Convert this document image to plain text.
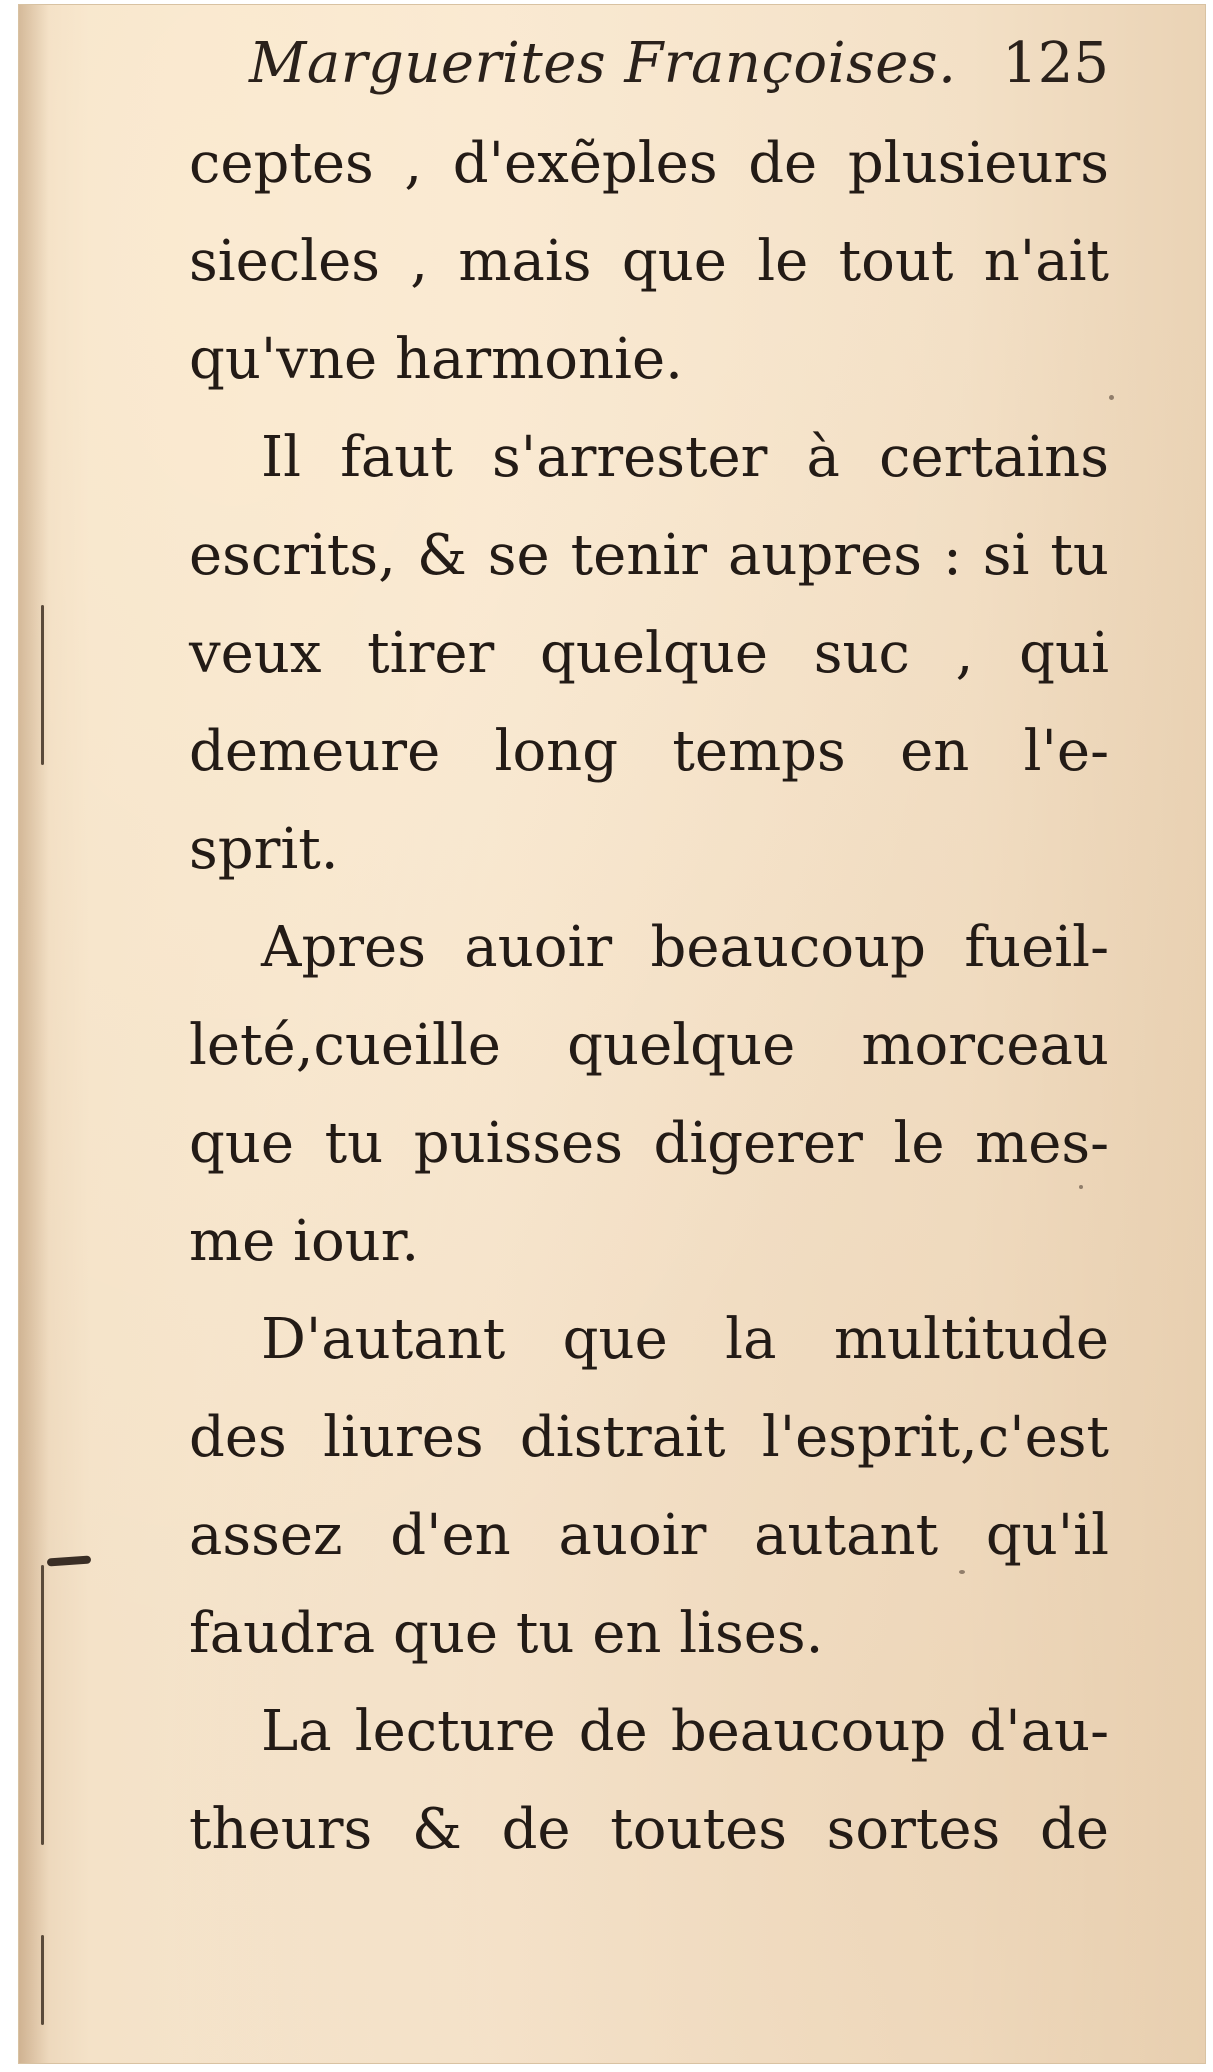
Marguerites Françoises. 125
ceptes , d'exẽples de plusieurs
siecles , mais que le tout n'ait
qu'vne harmonie.
Il faut s'arrester à certains
escrits, & se tenir aupres : si tu
veux tirer quelque suc , qui
demeure long temps en l'e-
sprit.
Apres auoir beaucoup fueil-
leté,cueille quelque morceau
que tu puisses digerer le mes-
me iour.
D'autant que la multitude
des liures distrait l'esprit,c'est
assez d'en auoir autant qu'il
faudra que tu en lises.
La lecture de beaucoup d'au-
theurs & de toutes sortes de
